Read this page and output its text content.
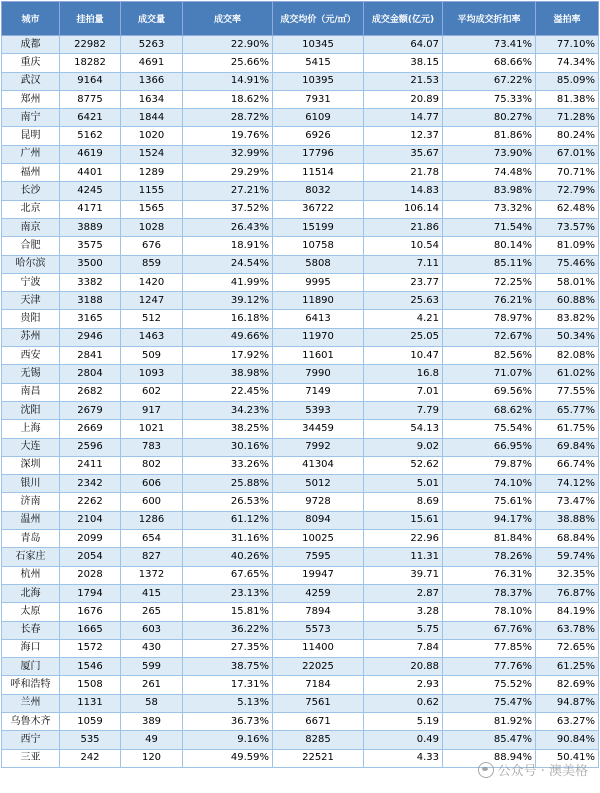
城市	挂拍量	成交量	成交率	成交均价（元/㎡）	成交金额(亿元)	平均成交折扣率	溢拍率
成都	22982	5263	22.90%	10345	64.07	73.41%	77.10%
重庆	18282	4691	25.66%	5415	38.15	68.66%	74.34%
武汉	9164	1366	14.91%	10395	21.53	67.22%	85.09%
郑州	8775	1634	18.62%	7931	20.89	75.33%	81.38%
南宁	6421	1844	28.72%	6109	14.77	80.27%	71.28%
昆明	5162	1020	19.76%	6926	12.37	81.86%	80.24%
广州	4619	1524	32.99%	17796	35.67	73.90%	67.01%
福州	4401	1289	29.29%	11514	21.78	74.48%	70.71%
长沙	4245	1155	27.21%	8032	14.83	83.98%	72.79%
北京	4171	1565	37.52%	36722	106.14	73.32%	62.48%
南京	3889	1028	26.43%	15199	21.86	71.54%	73.57%
合肥	3575	676	18.91%	10758	10.54	80.14%	81.09%
哈尔滨	3500	859	24.54%	5808	7.11	85.11%	75.46%
宁波	3382	1420	41.99%	9995	23.77	72.25%	58.01%
天津	3188	1247	39.12%	11890	25.63	76.21%	60.88%
贵阳	3165	512	16.18%	6413	4.21	78.97%	83.82%
苏州	2946	1463	49.66%	11970	25.05	72.67%	50.34%
西安	2841	509	17.92%	11601	10.47	82.56%	82.08%
无锡	2804	1093	38.98%	7990	16.8	71.07%	61.02%
南昌	2682	602	22.45%	7149	7.01	69.56%	77.55%
沈阳	2679	917	34.23%	5393	7.79	68.62%	65.77%
上海	2669	1021	38.25%	34459	54.13	75.54%	61.75%
大连	2596	783	30.16%	7992	9.02	66.95%	69.84%
深圳	2411	802	33.26%	41304	52.62	79.87%	66.74%
银川	2342	606	25.88%	5012	5.01	74.10%	74.12%
济南	2262	600	26.53%	9728	8.69	75.61%	73.47%
温州	2104	1286	61.12%	8094	15.61	94.17%	38.88%
青岛	2099	654	31.16%	10025	22.96	81.84%	68.84%
石家庄	2054	827	40.26%	7595	11.31	78.26%	59.74%
杭州	2028	1372	67.65%	19947	39.71	76.31%	32.35%
北海	1794	415	23.13%	4259	2.87	78.37%	76.87%
太原	1676	265	15.81%	7894	3.28	78.10%	84.19%
长春	1665	603	36.22%	5573	5.75	67.76%	63.78%
海口	1572	430	27.35%	11400	7.84	77.85%	72.65%
厦门	1546	599	38.75%	22025	20.88	77.76%	61.25%
呼和浩特	1508	261	17.31%	7184	2.93	75.52%	82.69%
兰州	1131	58	5.13%	7561	0.62	75.47%	94.87%
乌鲁木齐	1059	389	36.73%	6671	5.19	81.92%	63.27%
西宁	535	49	9.16%	8285	0.49	85.47%	90.84%
三亚	242	120	49.59%	22521	4.33	88.94%	50.41%
公众号 · 澳美格
